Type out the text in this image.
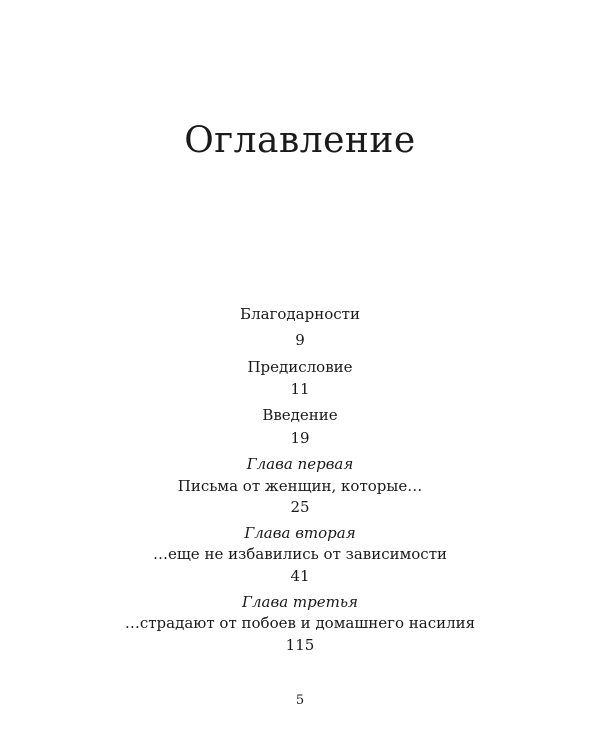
Оглавление
Благодарности
9
Предисловие
11
Введение
19
Глава первая
Письма от женщин, которые…
25
Глава вторая
…еще не избавились от зависимости
41
Глава третья
…страдают от побоев и домашнего насилия
115
5
